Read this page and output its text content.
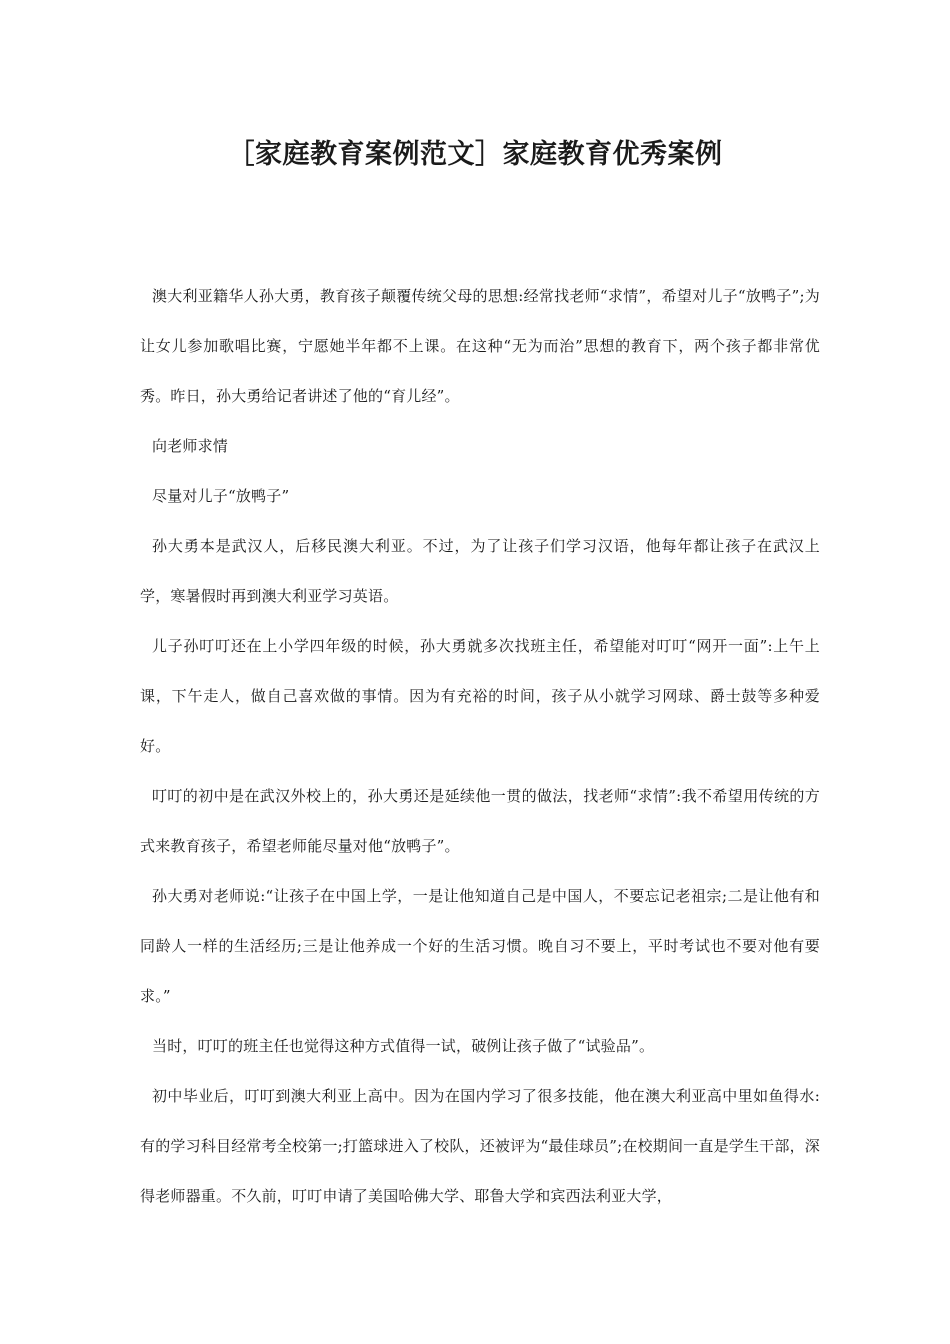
［家庭教育案例范文］家庭教育优秀案例

澳大利亚籍华人孙大勇，教育孩子颠覆传统父母的思想:经常找老师“求情”，希望对儿子“放鸭子”;为让女儿参加歌唱比赛，宁愿她半年都不上课。在这种“无为而治”思想的教育下，两个孩子都非常优秀。昨日，孙大勇给记者讲述了他的“育儿经”。

向老师求情

尽量对儿子“放鸭子”

孙大勇本是武汉人，后移民澳大利亚。不过，为了让孩子们学习汉语，他每年都让孩子在武汉上学，寒暑假时再到澳大利亚学习英语。

儿子孙叮叮还在上小学四年级的时候，孙大勇就多次找班主任，希望能对叮叮“网开一面”:上午上课，下午走人，做自己喜欢做的事情。因为有充裕的时间，孩子从小就学习网球、爵士鼓等多种爱好。

叮叮的初中是在武汉外校上的，孙大勇还是延续他一贯的做法，找老师“求情”:我不希望用传统的方式来教育孩子，希望老师能尽量对他“放鸭子”。

孙大勇对老师说:“让孩子在中国上学，一是让他知道自己是中国人，不要忘记老祖宗;二是让他有和同龄人一样的生活经历;三是让他养成一个好的生活习惯。晚自习不要上，平时考试也不要对他有要求。”

当时，叮叮的班主任也觉得这种方式值得一试，破例让孩子做了“试验品”。

初中毕业后，叮叮到澳大利亚上高中。因为在国内学习了很多技能，他在澳大利亚高中里如鱼得水:有的学习科目经常考全校第一;打篮球进入了校队，还被评为“最佳球员”;在校期间一直是学生干部，深得老师器重。不久前，叮叮申请了美国哈佛大学、耶鲁大学和宾西法利亚大学，
